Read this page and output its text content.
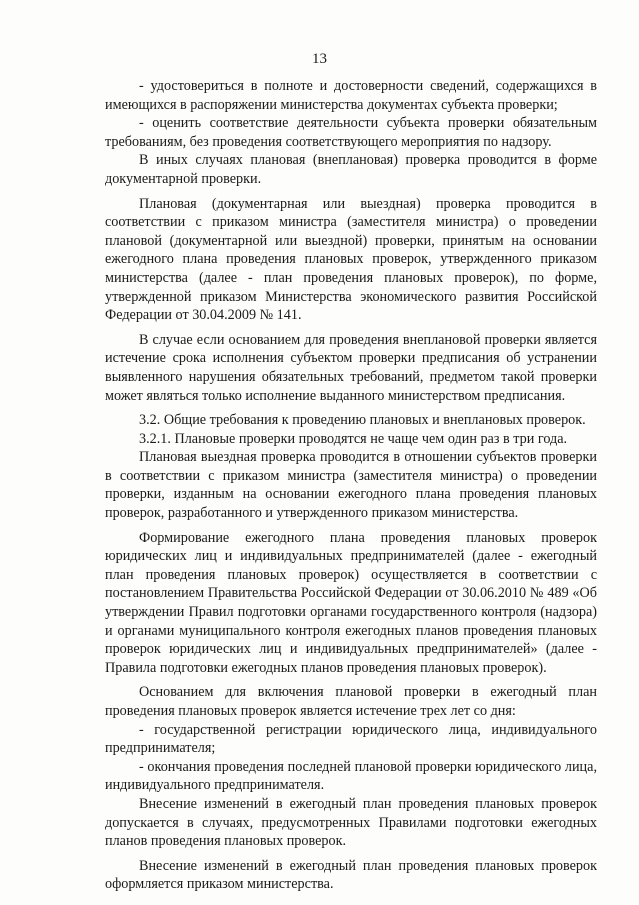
13

- удостовериться в полноте и достоверности сведений, содержащихся в имеющихся в распоряжении министерства документах субъекта проверки;

- оценить соответствие деятельности субъекта проверки обязательным требованиям, без проведения соответствующего мероприятия по надзору.

В иных случаях плановая (внеплановая) проверка проводится в форме документарной проверки.

Плановая (документарная или выездная) проверка проводится в соответствии с приказом министра (заместителя министра) о проведении плановой (документарной или выездной) проверки, принятым на основании ежегодного плана проведения плановых проверок, утвержденного приказом министерства (далее - план проведения плановых проверок), по форме, утвержденной приказом Министерства экономического развития Российской Федерации от 30.04.2009 № 141.

В случае если основанием для проведения внеплановой проверки является истечение срока исполнения субъектом проверки предписания об устранении выявленного нарушения обязательных требований, предметом такой проверки может являться только исполнение выданного министерством предписания.

3.2. Общие требования к проведению плановых и внеплановых проверок.

3.2.1. Плановые проверки проводятся не чаще чем один раз в три года.

Плановая выездная проверка проводится в отношении субъектов проверки в соответствии с приказом министра (заместителя министра) о проведении проверки, изданным на основании ежегодного плана проведения плановых проверок, разработанного и утвержденного приказом министерства.

Формирование ежегодного плана проведения плановых проверок юридических лиц и индивидуальных предпринимателей (далее - ежегодный план проведения плановых проверок) осуществляется в соответствии с постановлением Правительства Российской Федерации от 30.06.2010 № 489 «Об утверждении Правил подготовки органами государственного контроля (надзора) и органами муниципального контроля ежегодных планов проведения плановых проверок юридических лиц и индивидуальных предпринимателей» (далее - Правила подготовки ежегодных планов проведения плановых проверок).

Основанием для включения плановой проверки в ежегодный план проведения плановых проверок является истечение трех лет со дня:

- государственной регистрации юридического лица, индивидуального предпринимателя;

- окончания проведения последней плановой проверки юридического лица, индивидуального предпринимателя.

Внесение изменений в ежегодный план проведения плановых проверок допускается в случаях, предусмотренных Правилами подготовки ежегодных планов проведения плановых проверок.

Внесение изменений в ежегодный план проведения плановых проверок оформляется приказом министерства.
